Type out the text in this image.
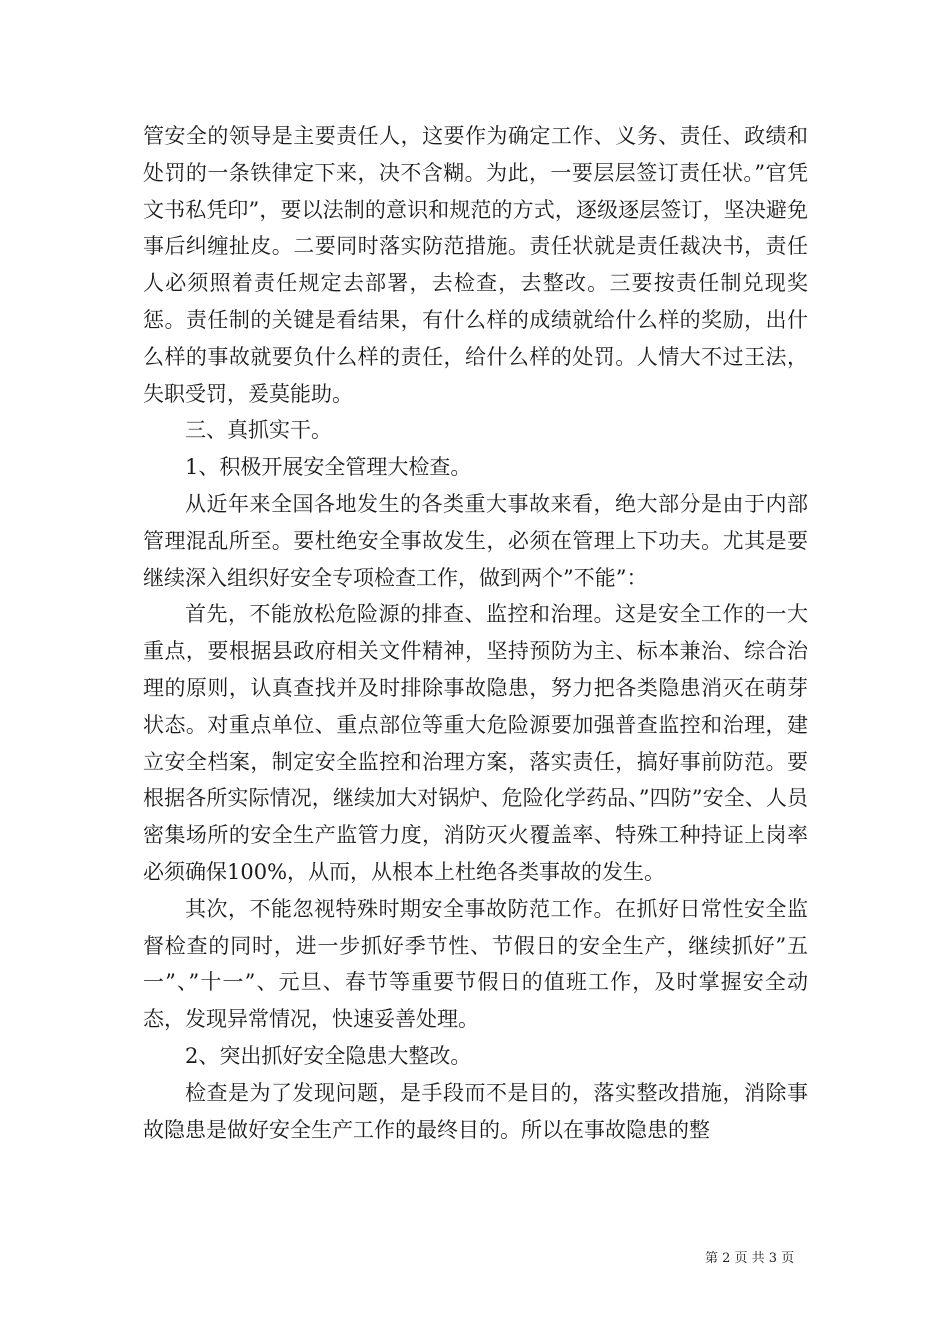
管安全的领导是主要责任人，这要作为确定工作、义务、责任、政绩和处罚的一条铁律定下来，决不含糊。为此，一要层层签订责任状。”官凭文书私凭印”，要以法制的意识和规范的方式，逐级逐层签订，坚决避免事后纠缠扯皮。二要同时落实防范措施。责任状就是责任裁决书，责任人必须照着责任规定去部署，去检查，去整改。三要按责任制兑现奖惩。责任制的关键是看结果，有什么样的成绩就给什么样的奖励，出什么样的事故就要负什么样的责任，给什么样的处罚。人情大不过王法，失职受罚，爰莫能助。

三、真抓实干。

1、积极开展安全管理大检查。

从近年来全国各地发生的各类重大事故来看，绝大部分是由于内部管理混乱所至。要杜绝安全事故发生，必须在管理上下功夫。尤其是要继续深入组织好安全专项检查工作，做到两个”不能”：

首先，不能放松危险源的排查、监控和治理。这是安全工作的一大重点，要根据县政府相关文件精神，坚持预防为主、标本兼治、综合治理的原则，认真查找并及时排除事故隐患，努力把各类隐患消灭在萌芽状态。对重点单位、重点部位等重大危险源要加强普查监控和治理，建立安全档案，制定安全监控和治理方案，落实责任，搞好事前防范。要根据各所实际情况，继续加大对锅炉、危险化学药品、”四防”安全、人员密集场所的安全生产监管力度，消防灭火覆盖率、特殊工种持证上岗率必须确保100%，从而，从根本上杜绝各类事故的发生。

其次，不能忽视特殊时期安全事故防范工作。在抓好日常性安全监督检查的同时，进一步抓好季节性、节假日的安全生产，继续抓好”五一”、”十一”、元旦、春节等重要节假日的值班工作，及时掌握安全动态，发现异常情况，快速妥善处理。

2、突出抓好安全隐患大整改。

检查是为了发现问题，是手段而不是目的，落实整改措施，消除事故隐患是做好安全生产工作的最终目的。所以在事故隐患的整

第 2 页 共 3 页
